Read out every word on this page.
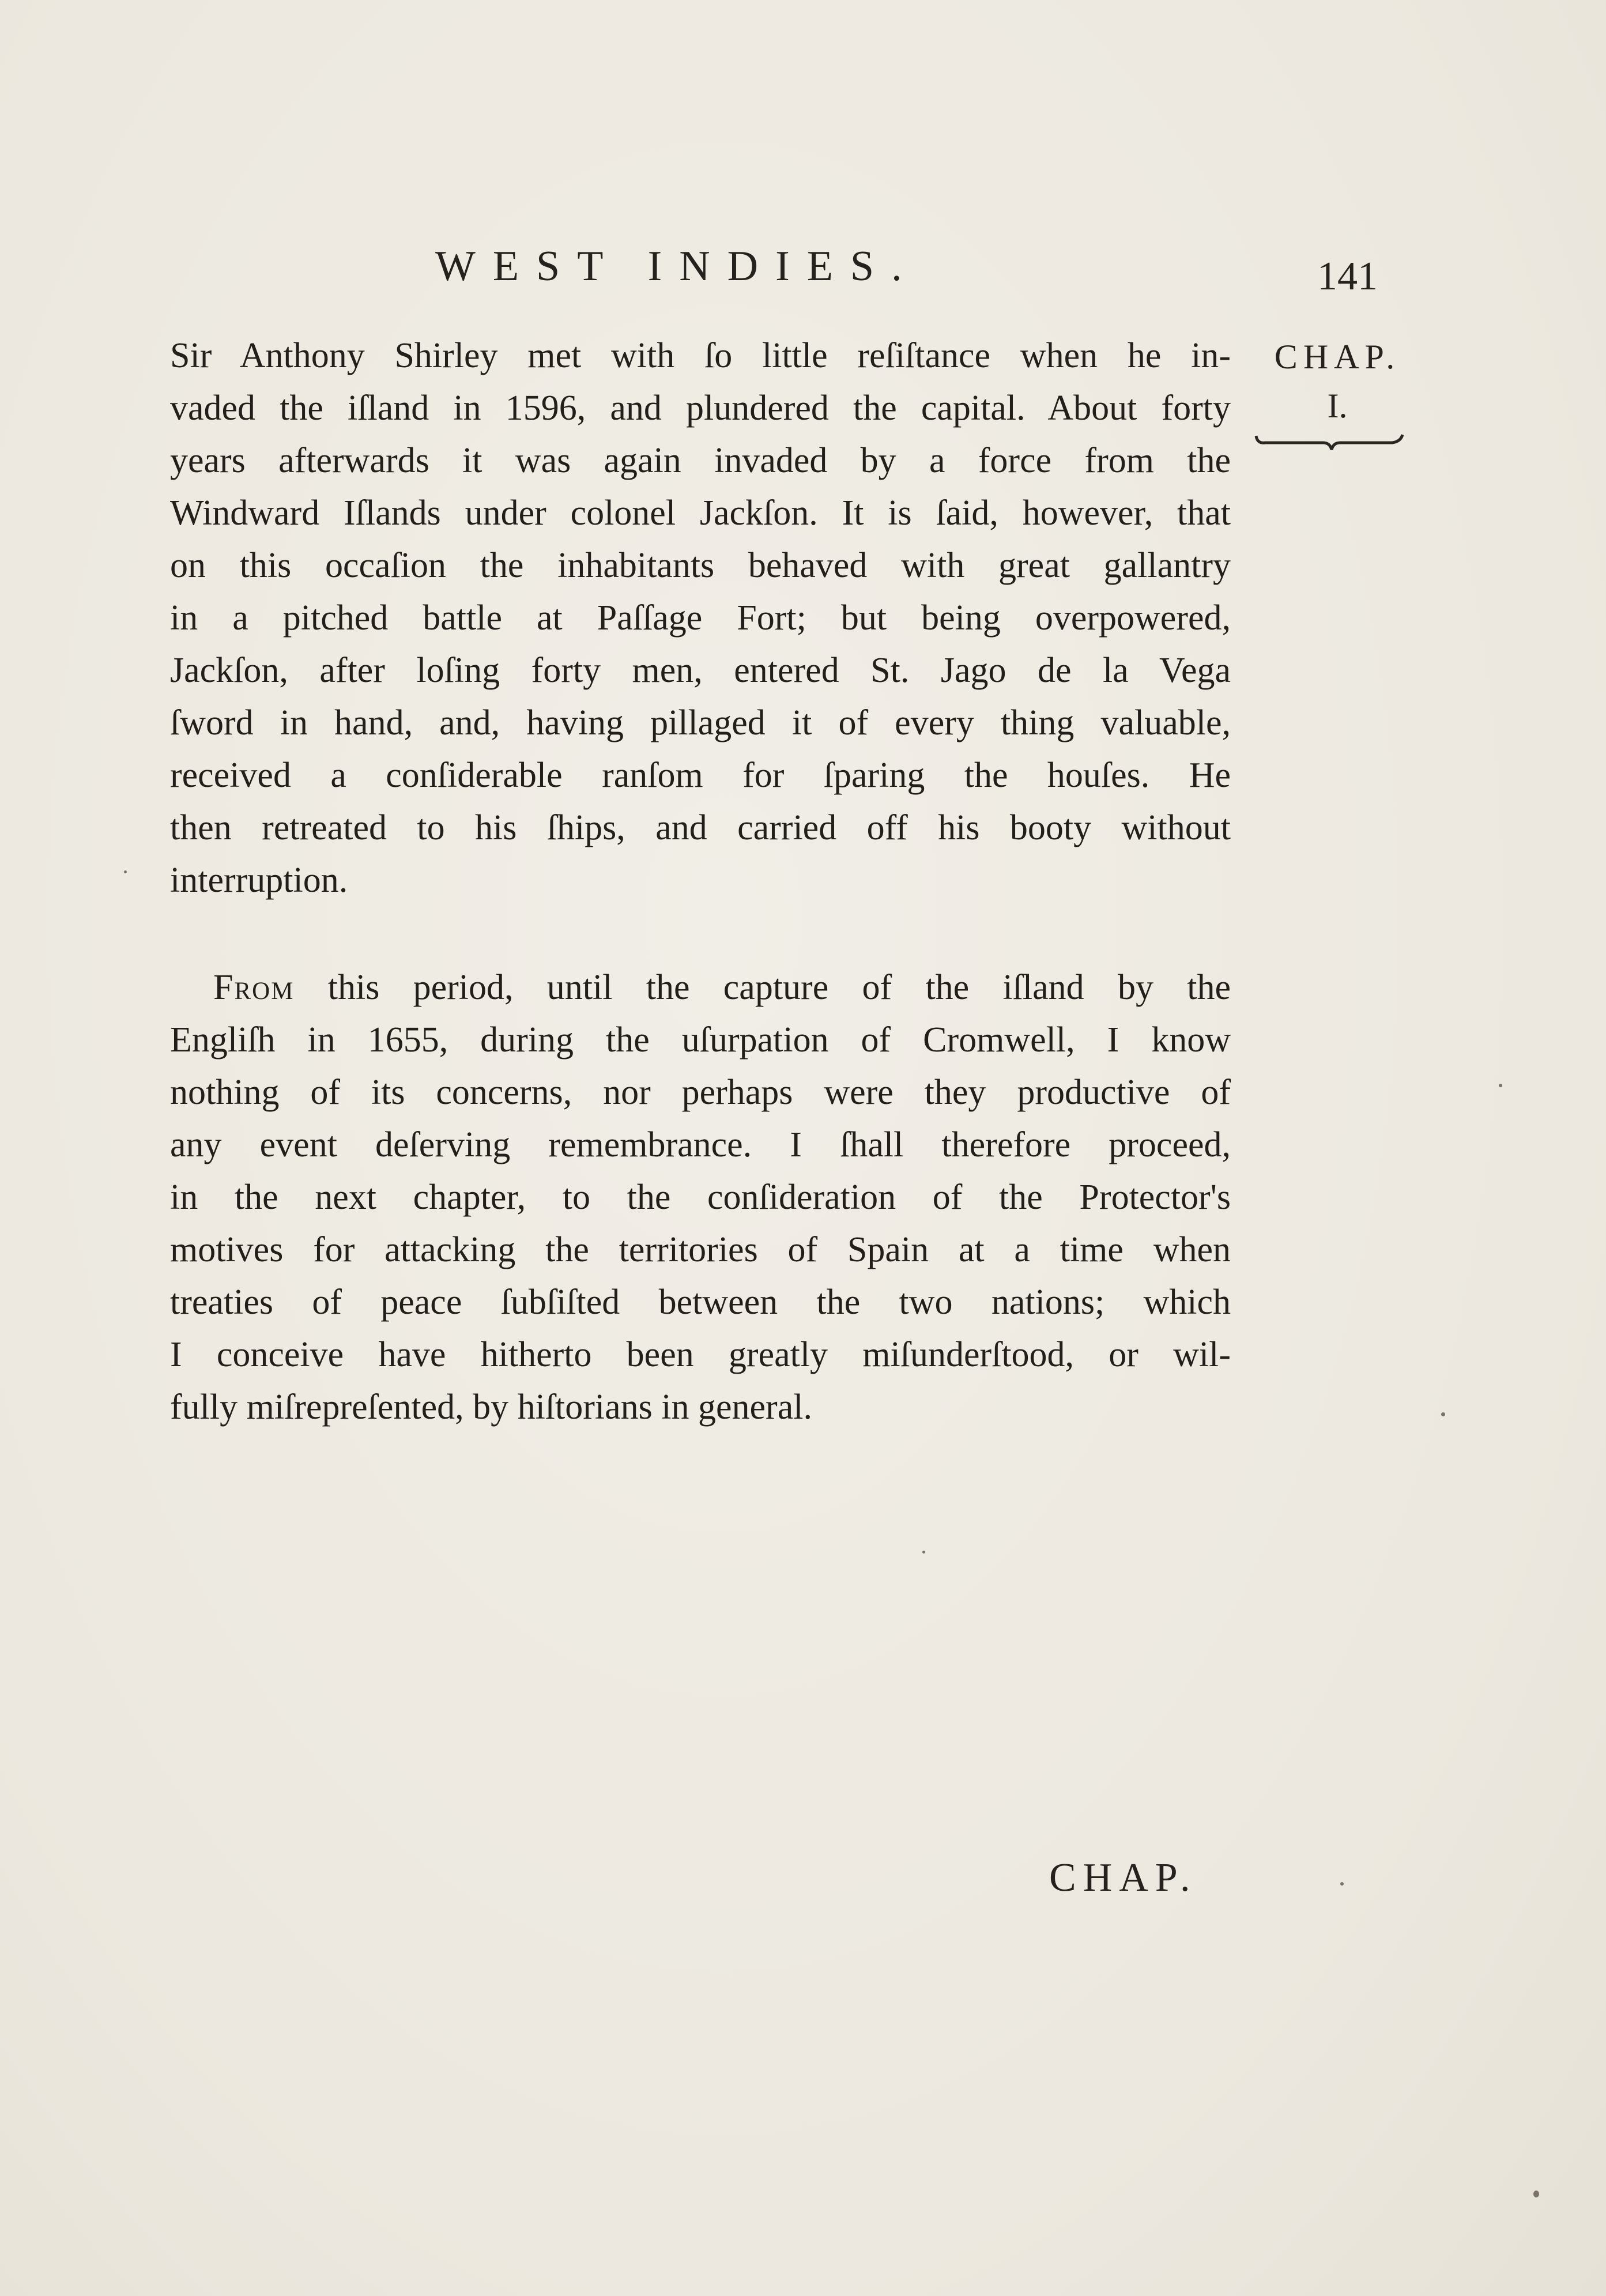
WEST INDIES.	141
CHAP.
I.
Sir Anthony Shirley met with ſo little reſiſtance when he in-
vaded the iſland in 1596, and plundered the capital. About forty
years afterwards it was again invaded by a force from the
Windward Iſlands under colonel Jackſon. It is ſaid, however, that
on this occaſion the inhabitants behaved with great gallantry
in a pitched battle at Paſſage Fort; but being overpowered,
Jackſon, after loſing forty men, entered St. Jago de la Vega
ſword in hand, and, having pillaged it of every thing valuable,
received a conſiderable ranſom for ſparing the houſes. He
then retreated to his ſhips, and carried off his booty without
interruption.
From this period, until the capture of the iſland by the
Engliſh in 1655, during the uſurpation of Cromwell, I know
nothing of its concerns, nor perhaps were they productive of
any event deſerving remembrance. I ſhall therefore proceed,
in the next chapter, to the conſideration of the Protector's
motives for attacking the territories of Spain at a time when
treaties of peace ſubſiſted between the two nations; which
I conceive have hitherto been greatly miſunderſtood, or wil-
fully miſrepreſented, by hiſtorians in general.
CHAP.
